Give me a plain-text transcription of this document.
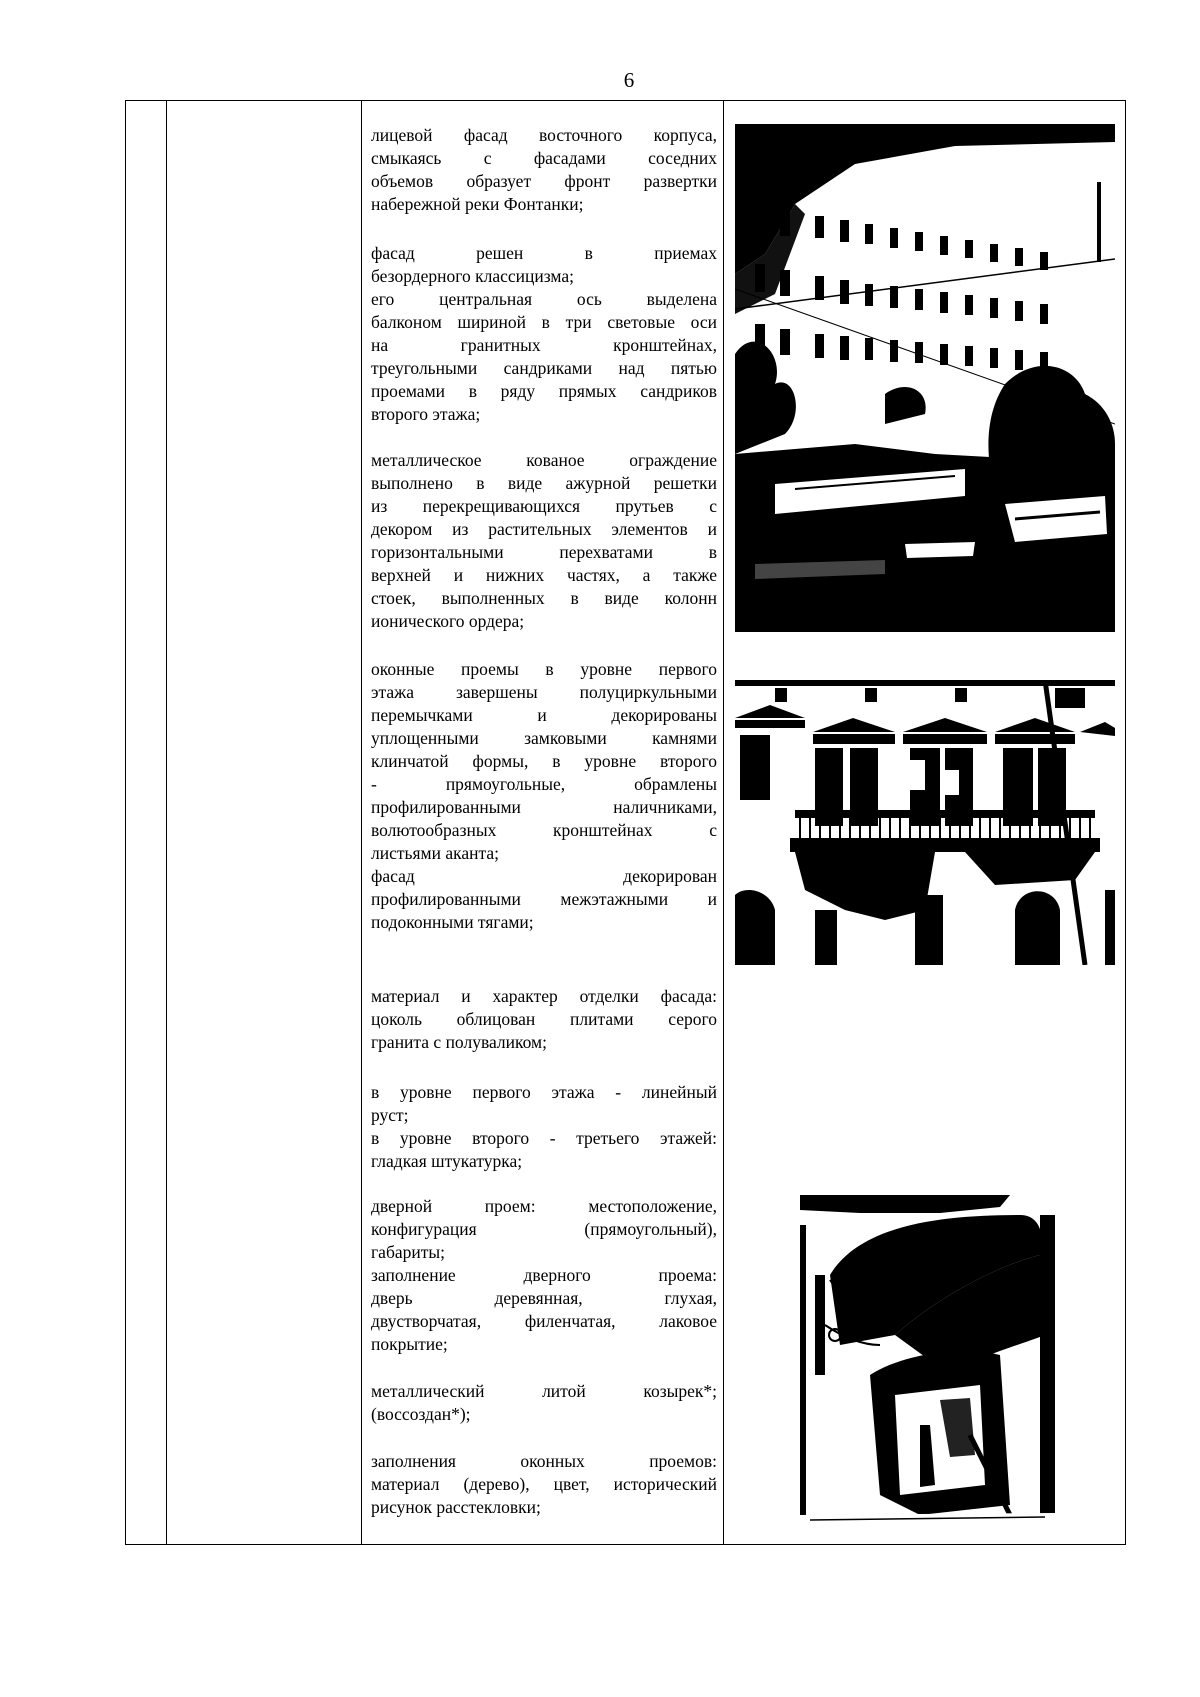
6

лицевой фасад восточного корпуса,
смыкаясь с фасадами соседних
объемов образует фронт развертки
набережной реки Фонтанки;

фасад решен в приемах
безордерного классицизма;

его центральная ось выделена
балконом шириной в три световые оси
на гранитных кронштейнах,
треугольными сандриками над пятью
проемами в ряду прямых сандриков
второго этажа;

металлическое кованое ограждение
выполнено в виде ажурной решетки
из перекрещивающихся прутьев с
декором из растительных элементов и
горизонтальными перехватами в
верхней и нижних частях, а также
стоек, выполненных в виде колонн
ионического ордера;

оконные проемы в уровне первого
этажа завершены полуциркульными
перемычками и декорированы
уплощенными замковыми камнями
клинчатой формы, в уровне второго
- прямоугольные, обрамлены
профилированными наличниками,
волютообразных кронштейнах с
листьями аканта;

фасад декорирован
профилированными межэтажными и
подоконными тягами;

материал и характер отделки фасада:
цоколь облицован плитами серого
гранита с полуваликом;

в уровне первого этажа - линейный
руст;

в уровне второго - третьего этажей:
гладкая штукатурка;

дверной проем: местоположение,
конфигурация (прямоугольный),
габариты;

заполнение дверного проема:
дверь деревянная, глухая,
двустворчатая, филенчатая, лаковое
покрытие;

металлический литой козырек*;
(воссоздан*);

заполнения оконных проемов:
материал (дерево), цвет, исторический
рисунок расстекловки;
